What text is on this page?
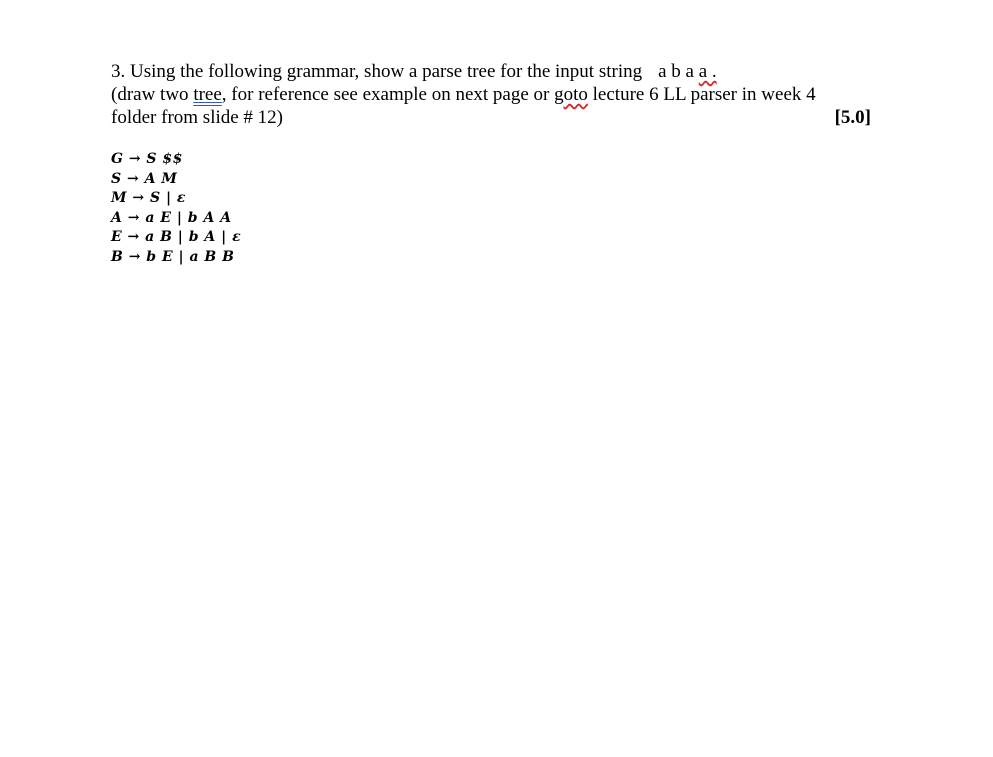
3. Using the following grammar, show a parse tree for the input string a b a a .
(draw two tree, for reference see example on next page or goto lecture 6 LL parser in week 4
folder from slide # 12)	[5.0]
G → S $$
S → A M
M → S | ε
A → a E | b A A
E → a B | b A | ε
B → b E | a B B
